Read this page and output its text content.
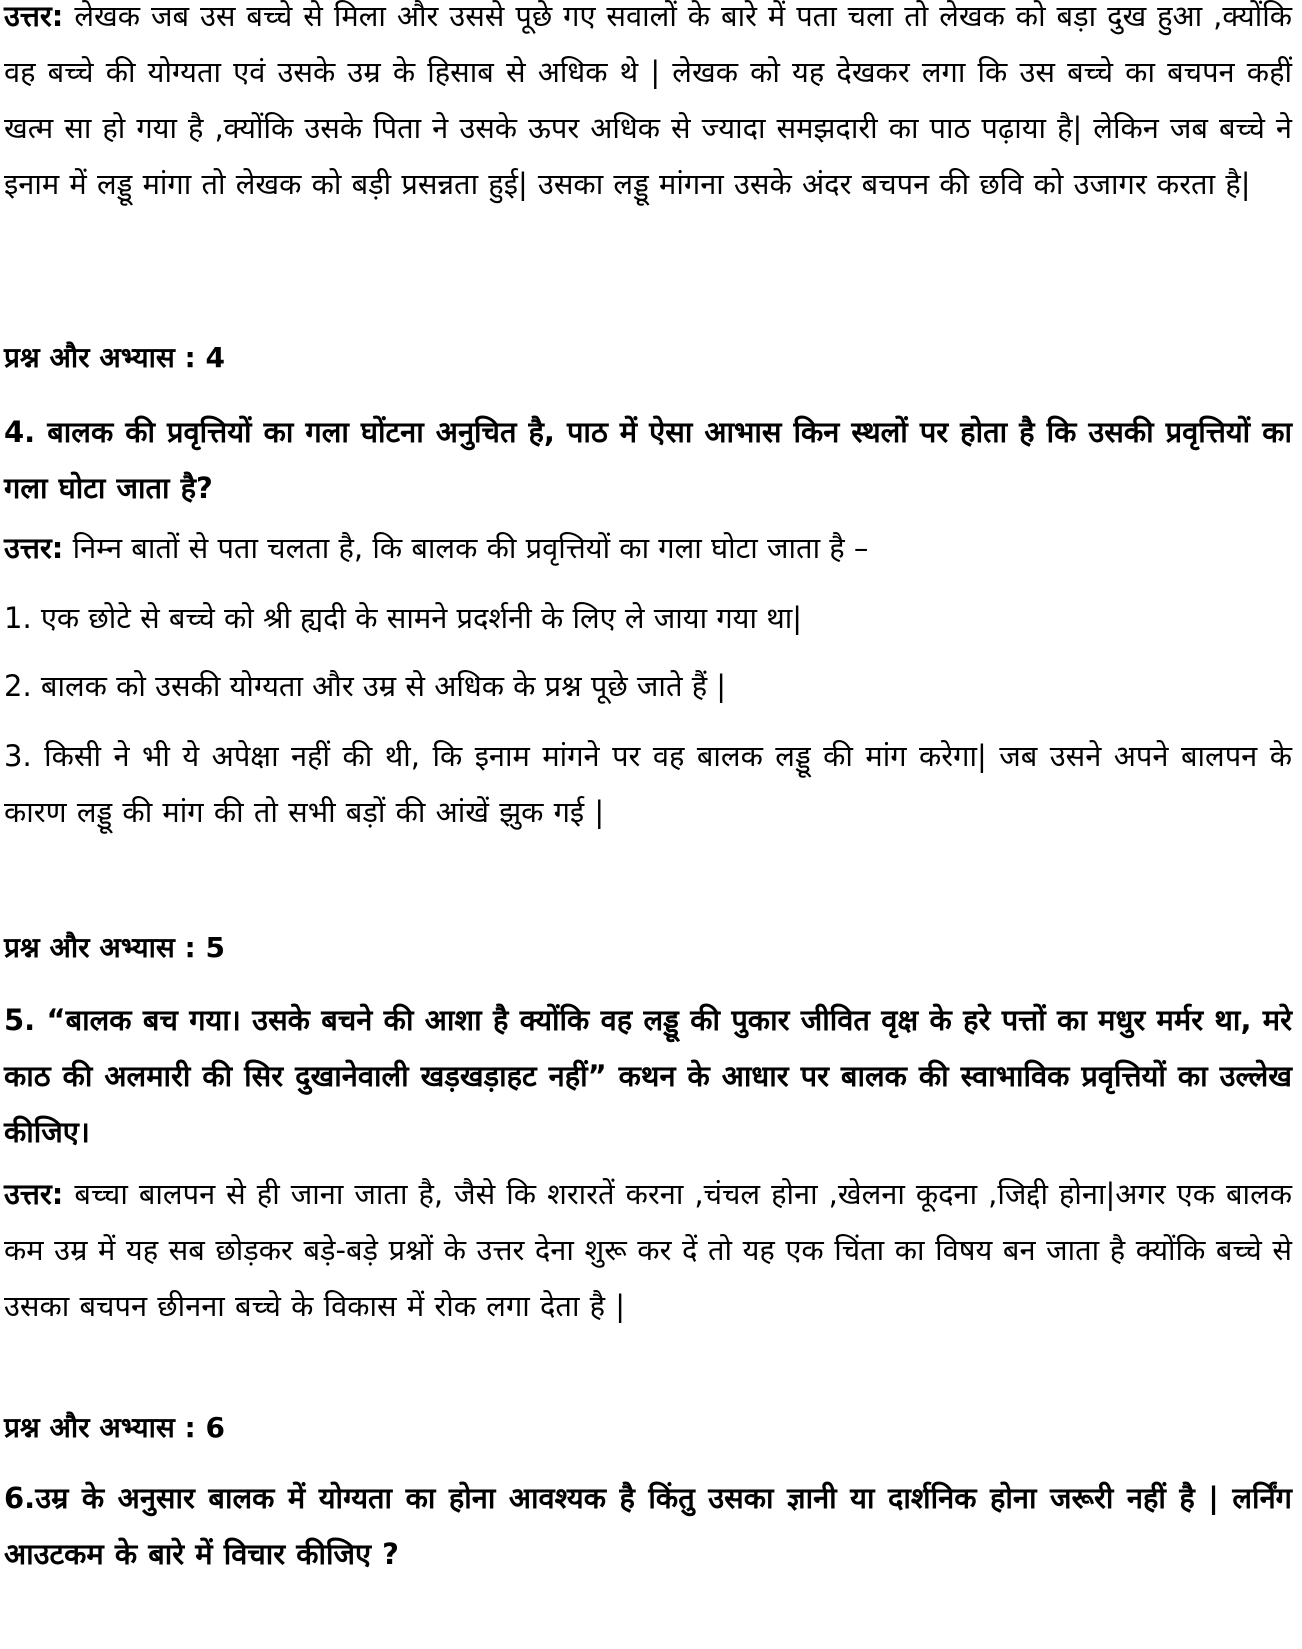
उत्तर: लेखक जब उस बच्चे से मिला और उससे पूछे गए सवालों के बारे में पता चला तो लेखक को बड़ा दुख हुआ ,क्योंकि वह बच्चे की योग्यता एवं उसके उम्र के हिसाब से अधिक थे | लेखक को यह देखकर लगा कि उस बच्चे का बचपन कहीं खत्म सा हो गया है ,क्योंकि उसके पिता ने उसके ऊपर अधिक से ज्यादा समझदारी का पाठ पढ़ाया है| लेकिन जब बच्चे ने इनाम में लड्डू मांगा तो लेखक को बड़ी प्रसन्नता हुई| उसका लड्डू मांगना उसके अंदर बचपन की छवि को उजागर करता है|

प्रश्न और अभ्यास : 4

4. बालक की प्रवृत्तियों का गला घोंटना अनुचित है, पाठ में ऐसा आभास किन स्थलों पर होता है कि उसकी प्रवृत्तियों का गला घोटा जाता है?

उत्तर: निम्न बातों से पता चलता है, कि बालक की प्रवृत्तियों का गला घोटा जाता है –
1. एक छोटे से बच्चे को श्री ह्यदी के सामने प्रदर्शनी के लिए ले जाया गया था|
2. बालक को उसकी योग्यता और उम्र से अधिक के प्रश्न पूछे जाते हैं |

3. किसी ने भी ये अपेक्षा नहीं की थी, कि इनाम मांगने पर वह बालक लड्डू की मांग करेगा| जब उसने अपने बालपन के कारण लड्डू की मांग की तो सभी बड़ों की आंखें झुक गई |

प्रश्न और अभ्यास : 5

5. “बालक बच गया। उसके बचने की आशा है क्योंकि वह लड्डू की पुकार जीवित वृक्ष के हरे पत्तों का मधुर मर्मर था, मरे काठ की अलमारी की सिर दुखानेवाली खड़खड़ाहट नहीं” कथन के आधार पर बालक की स्वाभाविक प्रवृत्तियों का उल्लेख कीजिए।

उत्तर: बच्चा बालपन से ही जाना जाता है, जैसे कि शरारतें करना ,चंचल होना ,खेलना कूदना ,जिद्दी होना|अगर एक बालक कम उम्र में यह सब छोड़कर बड़े-बड़े प्रश्नों के उत्तर देना शुरू कर दें तो यह एक चिंता का विषय बन जाता है क्योंकि बच्चे से उसका बचपन छीनना बच्चे के विकास में रोक लगा देता है |

प्रश्न और अभ्यास : 6

6.उम्र के अनुसार बालक में योग्यता का होना आवश्यक है किंतु उसका ज्ञानी या दार्शनिक होना जरूरी नहीं है | लर्निंग आउटकम के बारे में विचार कीजिए ?
